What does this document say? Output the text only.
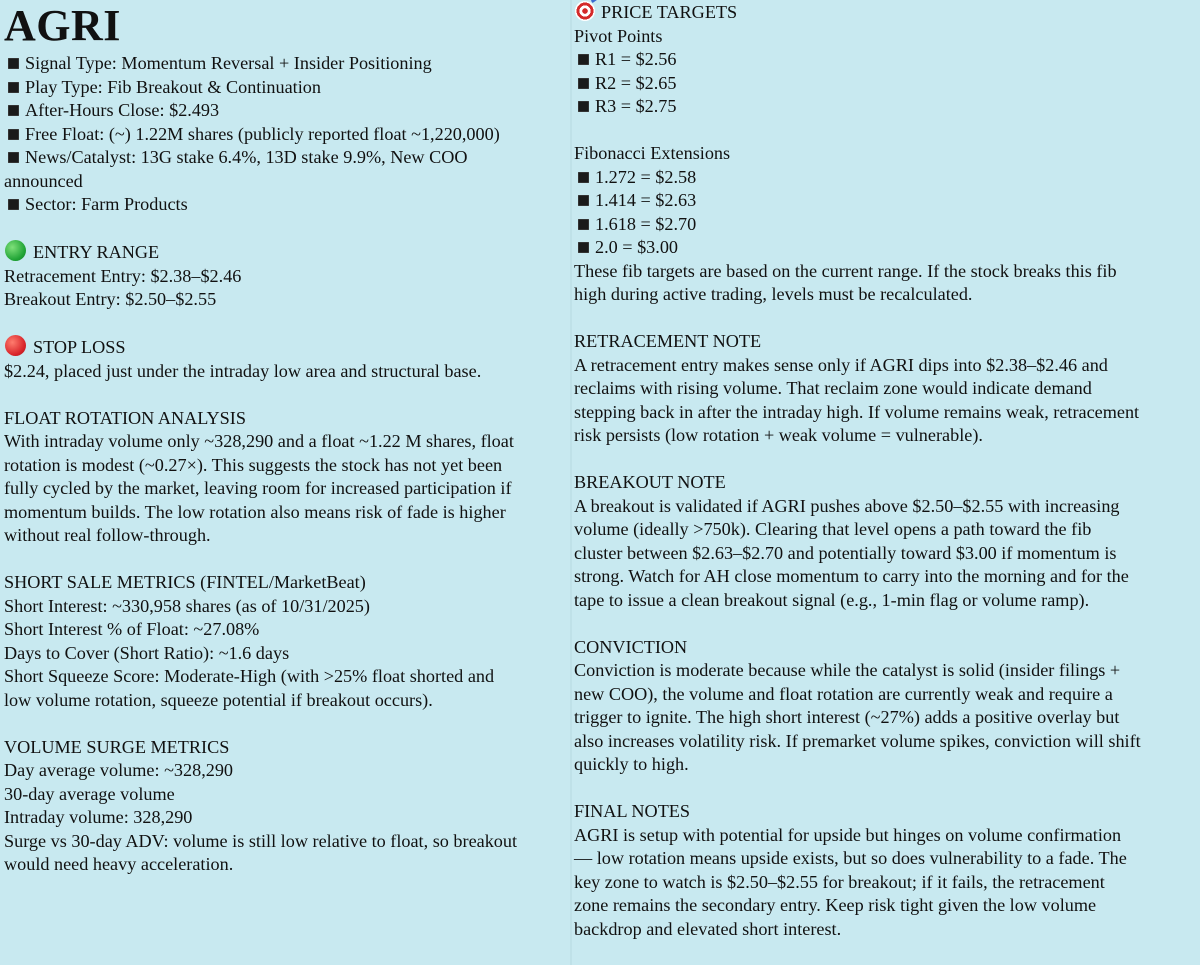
AGRI
Signal Type: Momentum Reversal + Insider Positioning
Play Type: Fib Breakout & Continuation
After-Hours Close: $2.493
Free Float: (~) 1.22M shares (publicly reported float ~1,220,000)
News/Catalyst: 13G stake 6.4%, 13D stake 9.9%, New COO
announced
Sector: Farm Products
ENTRY RANGE
Retracement Entry: $2.38–$2.46
Breakout Entry: $2.50–$2.55
STOP LOSS
$2.24, placed just under the intraday low area and structural base.
FLOAT ROTATION ANALYSIS
With intraday volume only ~328,290 and a float ~1.22 M shares, float
rotation is modest (~0.27×). This suggests the stock has not yet been
fully cycled by the market, leaving room for increased participation if
momentum builds. The low rotation also means risk of fade is higher
without real follow-through.
SHORT SALE METRICS (FINTEL/MarketBeat)
Short Interest: ~330,958 shares (as of 10/31/2025)
Short Interest % of Float: ~27.08%
Days to Cover (Short Ratio): ~1.6 days
Short Squeeze Score: Moderate-High (with >25% float shorted and
low volume rotation, squeeze potential if breakout occurs).
VOLUME SURGE METRICS
Day average volume: ~328,290
30-day average volume
Intraday volume: 328,290
Surge vs 30-day ADV: volume is still low relative to float, so breakout
would need heavy acceleration.
PRICE TARGETS
Pivot Points
R1 = $2.56
R2 = $2.65
R3 = $2.75
Fibonacci Extensions
1.272 = $2.58
1.414 = $2.63
1.618 = $2.70
2.0 = $3.00
These fib targets are based on the current range. If the stock breaks this fib
high during active trading, levels must be recalculated.
RETRACEMENT NOTE
A retracement entry makes sense only if AGRI dips into $2.38–$2.46 and
reclaims with rising volume. That reclaim zone would indicate demand
stepping back in after the intraday high. If volume remains weak, retracement
risk persists (low rotation + weak volume = vulnerable).
BREAKOUT NOTE
A breakout is validated if AGRI pushes above $2.50–$2.55 with increasing
volume (ideally >750k). Clearing that level opens a path toward the fib
cluster between $2.63–$2.70 and potentially toward $3.00 if momentum is
strong. Watch for AH close momentum to carry into the morning and for the
tape to issue a clean breakout signal (e.g., 1-min flag or volume ramp).
CONVICTION
Conviction is moderate because while the catalyst is solid (insider filings +
new COO), the volume and float rotation are currently weak and require a
trigger to ignite. The high short interest (~27%) adds a positive overlay but
also increases volatility risk. If premarket volume spikes, conviction will shift
quickly to high.
FINAL NOTES
AGRI is setup with potential for upside but hinges on volume confirmation
— low rotation means upside exists, but so does vulnerability to a fade. The
key zone to watch is $2.50–$2.55 for breakout; if it fails, the retracement
zone remains the secondary entry. Keep risk tight given the low volume
backdrop and elevated short interest.
